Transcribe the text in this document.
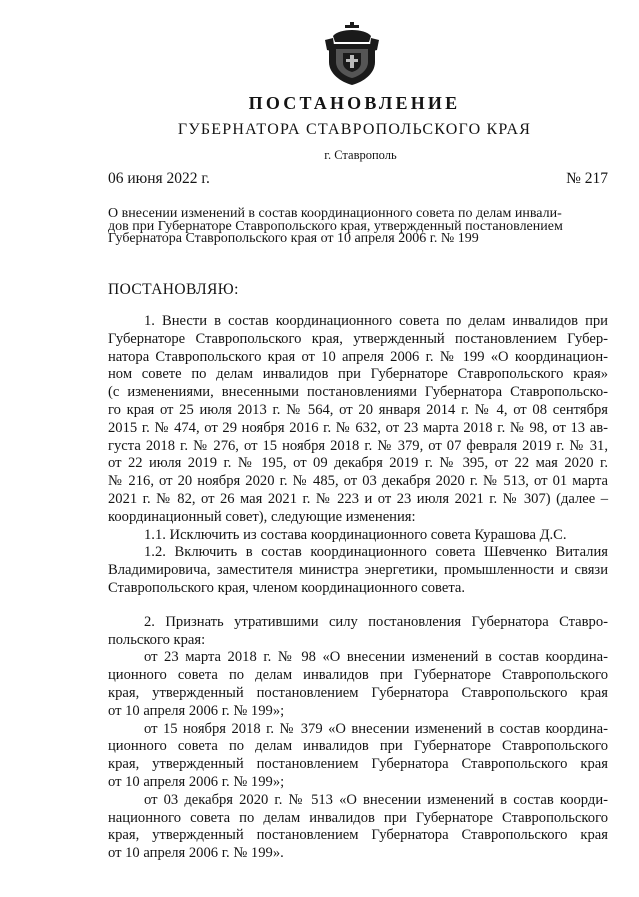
ПОСТАНОВЛЕНИЕ
ГУБЕРНАТОРА СТАВРОПОЛЬСКОГО КРАЯ
г. Ставрополь
06 июня 2022 г.	№ 217
О внесении изменений в состав координационного совета по делам инвали-
дов при Губернаторе Ставропольского края, утвержденный постановлением
Губернатора Ставропольского края от 10 апреля 2006 г. № 199
ПОСТАНОВЛЯЮ:
1. Внести в состав координационного совета по делам инвалидов при
Губернаторе Ставропольского края, утвержденный постановлением Губер-
натора Ставропольского края от 10 апреля 2006 г. № 199 «О координацион-
ном совете по делам инвалидов при Губернаторе Ставропольского края»
(с изменениями, внесенными постановлениями Губернатора Ставропольско-
го края от 25 июля 2013 г. № 564, от 20 января 2014 г. № 4, от 08 сентября
2015 г. № 474, от 29 ноября 2016 г. № 632, от 23 марта 2018 г. № 98, от 13 ав-
густа 2018 г. № 276, от 15 ноября 2018 г. № 379, от 07 февраля 2019 г. № 31,
от 22 июля 2019 г. № 195, от 09 декабря 2019 г. № 395, от 22 мая 2020 г.
№ 216, от 20 ноября 2020 г. № 485, от 03 декабря 2020 г. № 513, от 01 марта
2021 г. № 82, от 26 мая 2021 г. № 223 и от 23 июля 2021 г. № 307) (далее –
координационный совет), следующие изменения:
1.1. Исключить из состава координационного совета Курашова Д.С.
1.2. Включить в состав координационного совета Шевченко Виталия
Владимировича, заместителя министра энергетики, промышленности и связи
Ставропольского края, членом координационного совета.
2. Признать утратившими силу постановления Губернатора Ставро-
польского края:
от 23 марта 2018 г. № 98 «О внесении изменений в состав координа-
ционного совета по делам инвалидов при Губернаторе Ставропольского
края, утвержденный постановлением Губернатора Ставропольского края
от 10 апреля 2006 г. № 199»;
от 15 ноября 2018 г. № 379 «О внесении изменений в состав координа-
ционного совета по делам инвалидов при Губернаторе Ставропольского
края, утвержденный постановлением Губернатора Ставропольского края
от 10 апреля 2006 г. № 199»;
от 03 декабря 2020 г. № 513 «О внесении изменений в состав коорди-
национного совета по делам инвалидов при Губернаторе Ставропольского
края, утвержденный постановлением Губернатора Ставропольского края
от 10 апреля 2006 г. № 199».
